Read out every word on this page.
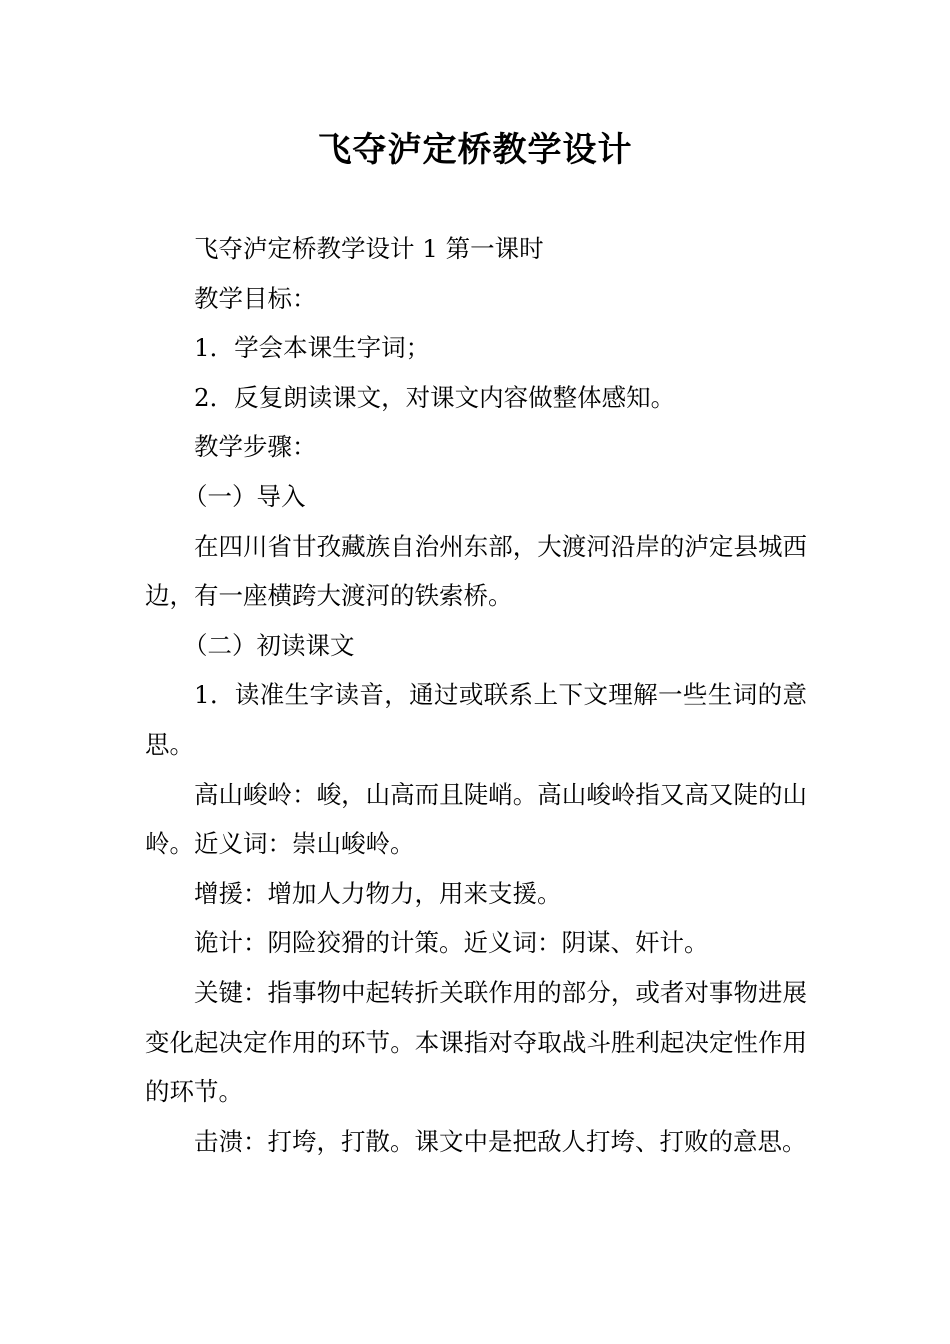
飞夺泸定桥教学设计

飞夺泸定桥教学设计 1 第一课时

教学目标：

1．学会本课生字词；

2．反复朗读课文，对课文内容做整体感知。

教学步骤：

（一）导入

在四川省甘孜藏族自治州东部，大渡河沿岸的泸定县城西边，有一座横跨大渡河的铁索桥。

（二）初读课文

1．读准生字读音，通过或联系上下文理解一些生词的意思。

高山峻岭：峻，山高而且陡峭。高山峻岭指又高又陡的山岭。近义词：崇山峻岭。

增援：增加人力物力，用来支援。

诡计：阴险狡猾的计策。近义词：阴谋、奸计。

关键：指事物中起转折关联作用的部分，或者对事物进展变化起决定作用的环节。本课指对夺取战斗胜利起决定性作用的环节。

击溃：打垮，打散。课文中是把敌人打垮、打败的意思。
